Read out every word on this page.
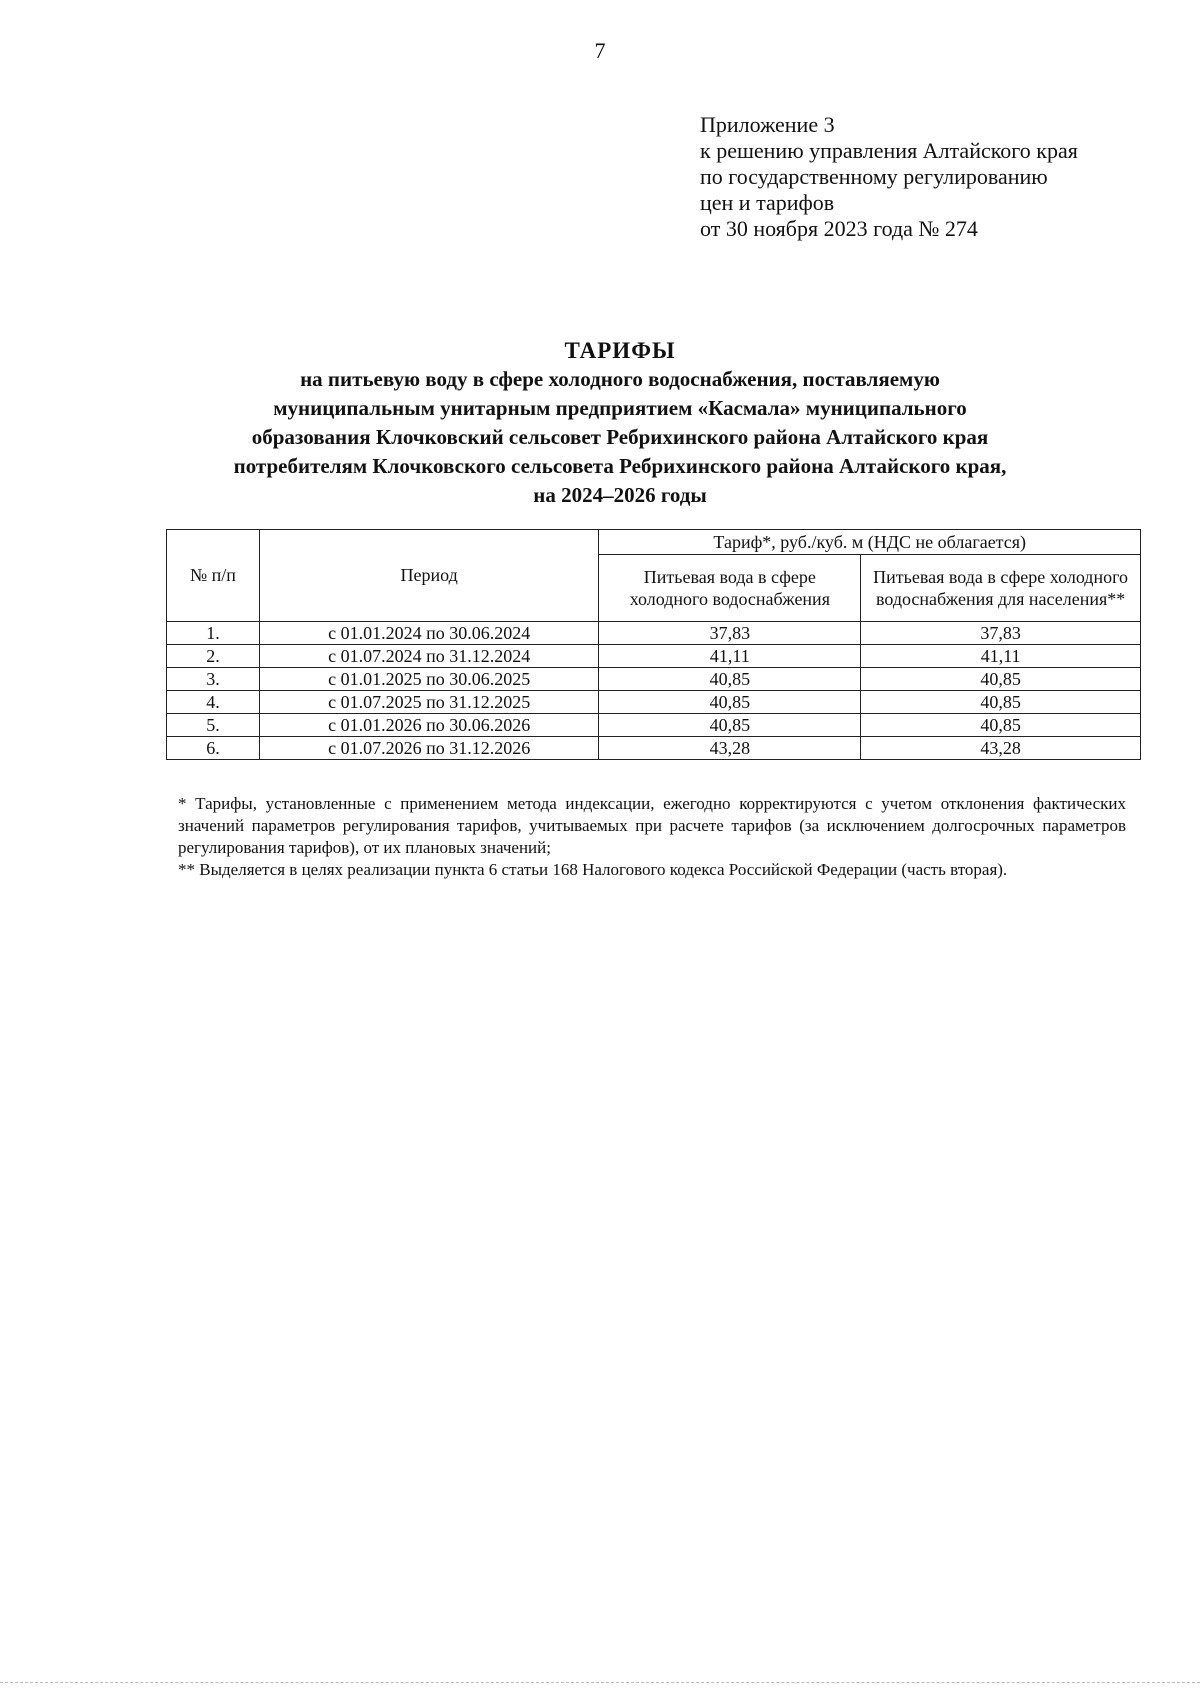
7
Приложение 3
к решению управления Алтайского края
по государственному регулированию
цен и тарифов
от 30 ноября 2023 года № 274
ТАРИФЫ
на питьевую воду в сфере холодного водоснабжения, поставляемую
муниципальным унитарным предприятием «Касмала» муниципального
образования Клочковский сельсовет Ребрихинского района Алтайского края
потребителям Клочковского сельсовета Ребрихинского района Алтайского края,
на 2024–2026 годы
№ п/п	Период	Тариф*, руб./куб. м (НДС не облагается)	
		Питьевая вода в сфере холодного водоснабжения	Питьевая вода в сфере холодного водоснабжения для населения**
1.	с 01.01.2024 по 30.06.2024	37,83	37,83
2.	с 01.07.2024 по 31.12.2024	41,11	41,11
3.	с 01.01.2025 по 30.06.2025	40,85	40,85
4.	с 01.07.2025 по 31.12.2025	40,85	40,85
5.	с 01.01.2026 по 30.06.2026	40,85	40,85
6.	с 01.07.2026 по 31.12.2026	43,28	43,28

* Тарифы, установленные с применением метода индексации, ежегодно корректируются с учетом отклонения фактических значений параметров регулирования тарифов, учитываемых при расчете тарифов (за исключением долгосрочных параметров регулирования тарифов), от их плановых значений;

** Выделяется в целях реализации пункта 6 статьи 168 Налогового кодекса Российской Федерации (часть вторая).
